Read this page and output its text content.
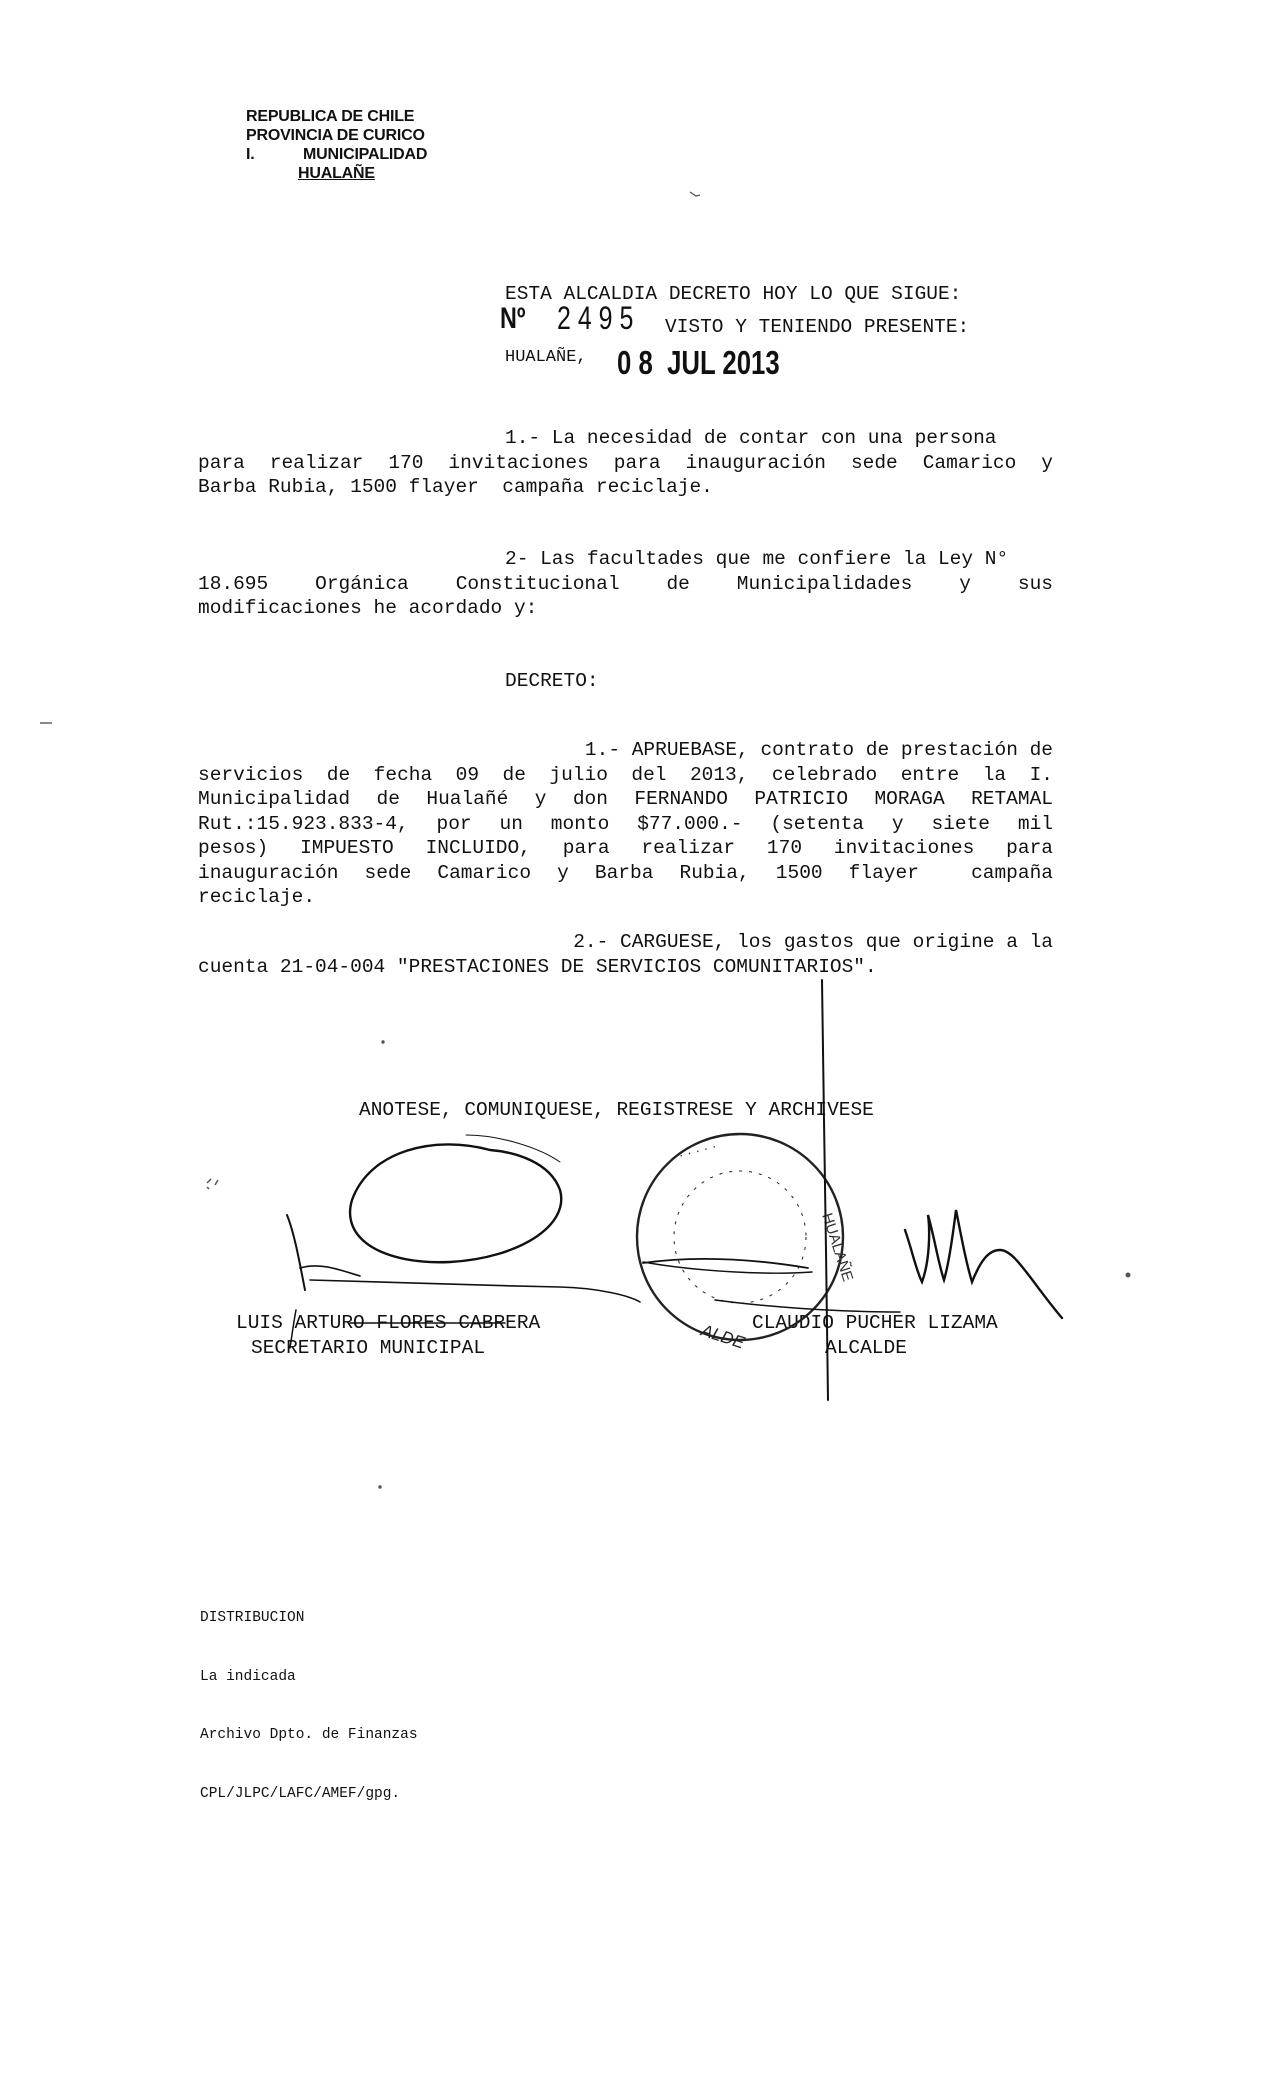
REPUBLICA DE CHILE
PROVINCIA DE CURICO
I.	MUNICIPALIDAD
HUALAÑE
ESTA ALCALDIA DECRETO HOY LO QUE SIGUE:
Nº 2 4 9 5 VISTO Y TENIENDO PRESENTE:
HUALAÑE, 0 8  JUL 2013
1.- La necesidad de contar con una persona
para realizar 170 invitaciones para inauguración sede Camarico y
Barba Rubia, 1500 flayer  campaña reciclaje.
2- Las facultades que me confiere la Ley N°
18.695 Orgánica Constitucional de Municipalidades y sus
modificaciones he acordado y:
DECRETO:
1.- APRUEBASE, contrato de prestación de
servicios de fecha 09 de julio del 2013, celebrado entre la I.
Municipalidad de Hualañé y don FERNANDO PATRICIO MORAGA RETAMAL
Rut.:15.923.833-4, por un monto $77.000.- (setenta y siete mil
pesos) IMPUESTO INCLUIDO, para realizar 170 invitaciones para
inauguración sede Camarico y Barba Rubia, 1500 flayer  campaña
reciclaje.
2.- CARGUESE, los gastos que origine a la
cuenta 21-04-004 "PRESTACIONES DE SERVICIOS COMUNITARIOS".
ANOTESE, COMUNIQUESE, REGISTRESE Y ARCHIVESE
LUIS ARTURO FLORES CABRERA
SECRETARIO MUNICIPAL
CLAUDIO PUCHER LIZAMA
ALCALDE
ALDE
· · · · ·
HUALAÑE

DISTRIBUCION

La indicada

Archivo Dpto. de Finanzas

CPL/JLPC/LAFC/AMEF/gpg.
